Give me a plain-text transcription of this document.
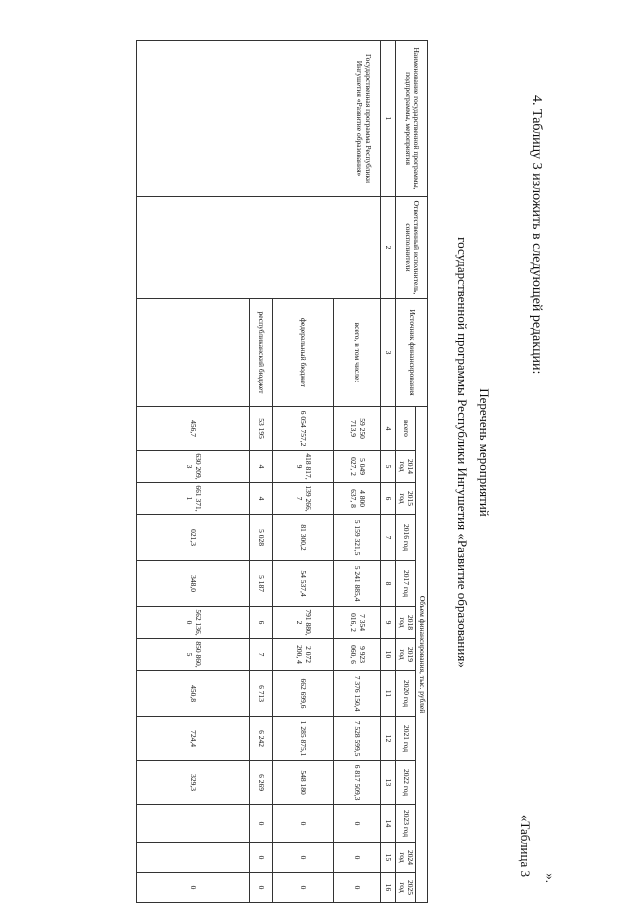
4. Таблицу 3 изложить в следующей редакции:
».
«Таблица 3
Перечень мероприятий
государственной программы Республики Ингушетия «Развитие образования»
Наименование государственной программы, подпрограммы, мероприятия	Ответственный исполнитель, соисполнители	Источник финансирования	Объем финансирования, тыс. рублей												
			всего	2014 год	2015 год	2016 год	2017 год	2018 год	2019 год	2020 год	2021 год	2022 год	2023 год	2024 год	2025 год
1	2	3	4	5	6	7	8	9	10	11	12	13	14	15	16
Государственная программа Республики Ингушетия «Развитие образования»		всего, в том числе:	59 250 713,9	5 049 027, 2	4 800 637, 8	5 159 321,5	5 241 885,4	7 354 016, 2	9 923 060, 6	7 376 150,4	7 528 599,5	6 817 509,3	0	0	0
		федеральный бюджет	6 054 757,2	418 817, 9	139 266, 7	81 300,2	54 537,4	791 880, 2	2 072 200, 4	662 699,6	1 285 875,1	548 180	0	0	0
		республиканский бюджет	53 195	4	4	5 028	5 187	6	7	6 713	6 242	6 269	0	0	0
			456,7	630 209, 3	661 371, 1	021,3	348,0	562 136, 0	850 860, 5	450,8	724,4	329,3			0
